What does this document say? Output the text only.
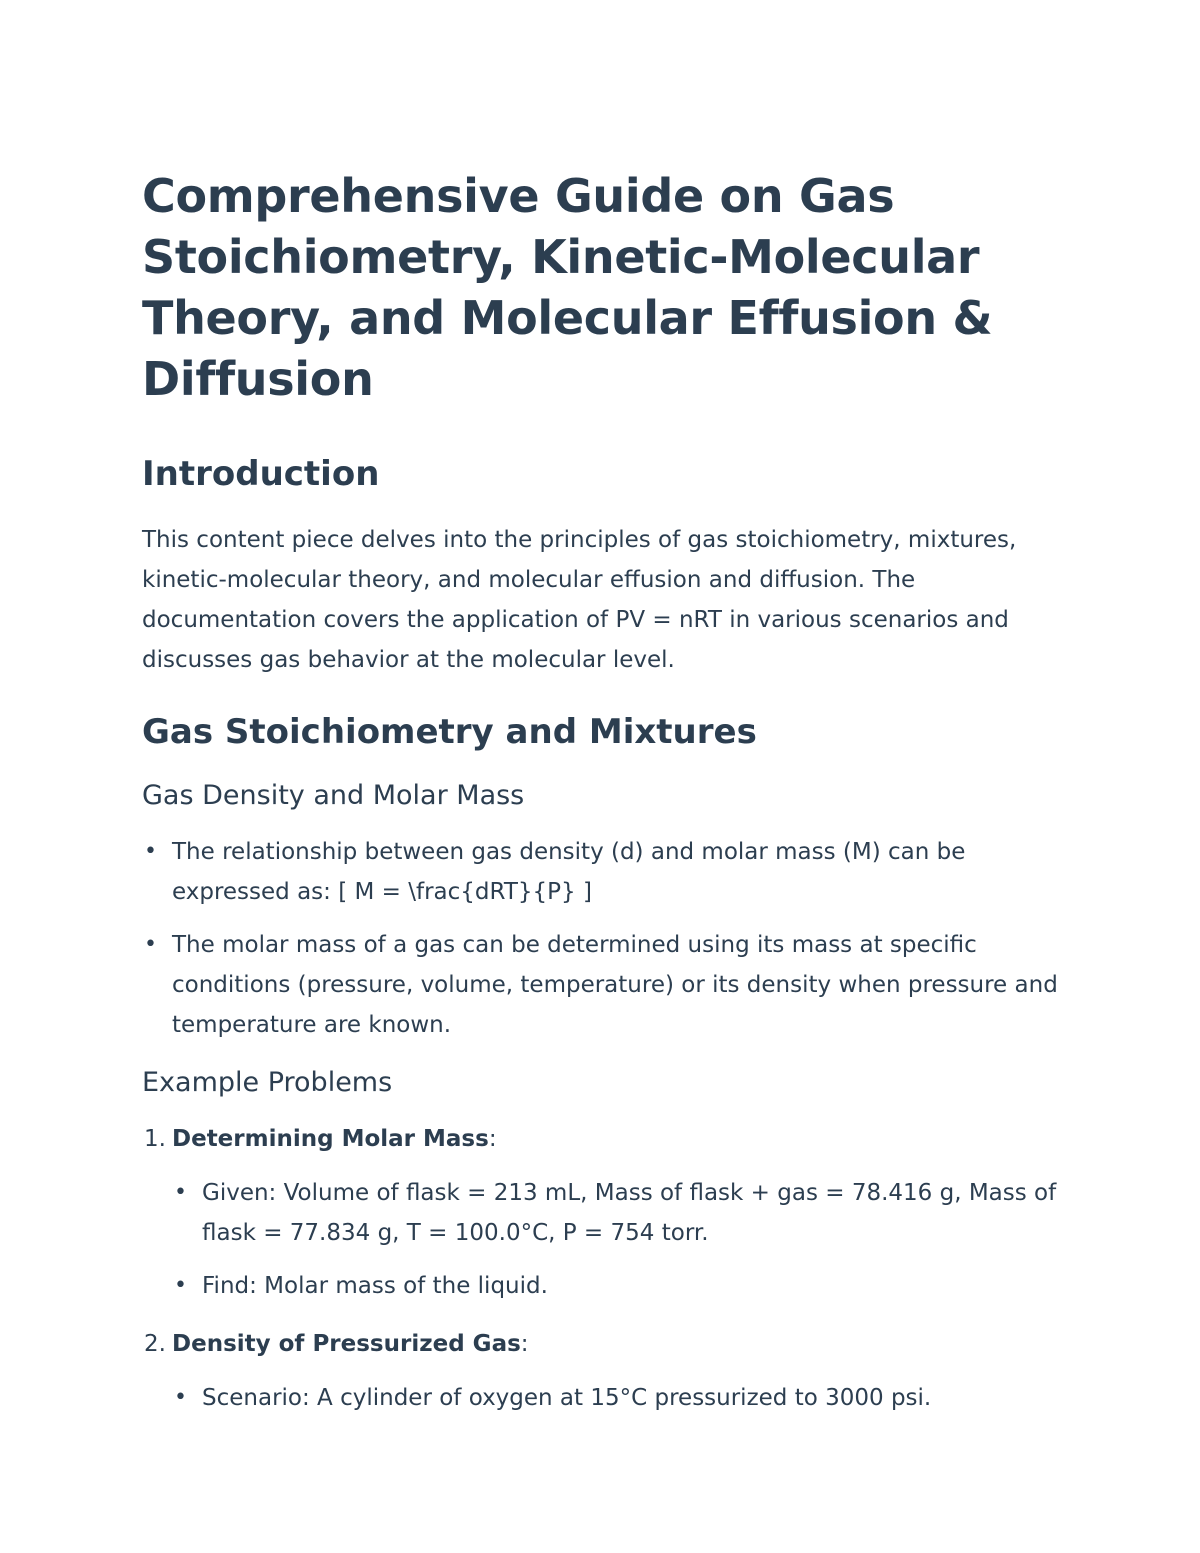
Comprehensive Guide on Gas Stoichiometry, Kinetic-Molecular Theory, and Molecular Effusion & Diffusion
Introduction

This content piece delves into the principles of gas stoichiometry, mixtures, kinetic-molecular theory, and molecular effusion and diffusion. The documentation covers the application of PV = nRT in various scenarios and discusses gas behavior at the molecular level.

Gas Stoichiometry and Mixtures
Gas Density and Molar Mass
• The relationship between gas density (d) and molar mass (M) can be expressed as: [ M = \frac{dRT}{P} ]
• The molar mass of a gas can be determined using its mass at specific conditions (pressure, volume, temperature) or its density when pressure and temperature are known.
Example Problems
1. Determining Molar Mass:
• Given: Volume of flask = 213 mL, Mass of flask + gas = 78.416 g, Mass of flask = 77.834 g, T = 100.0°C, P = 754 torr.
• Find: Molar mass of the liquid.
2. Density of Pressurized Gas:
• Scenario: A cylinder of oxygen at 15°C pressurized to 3000 psi.
